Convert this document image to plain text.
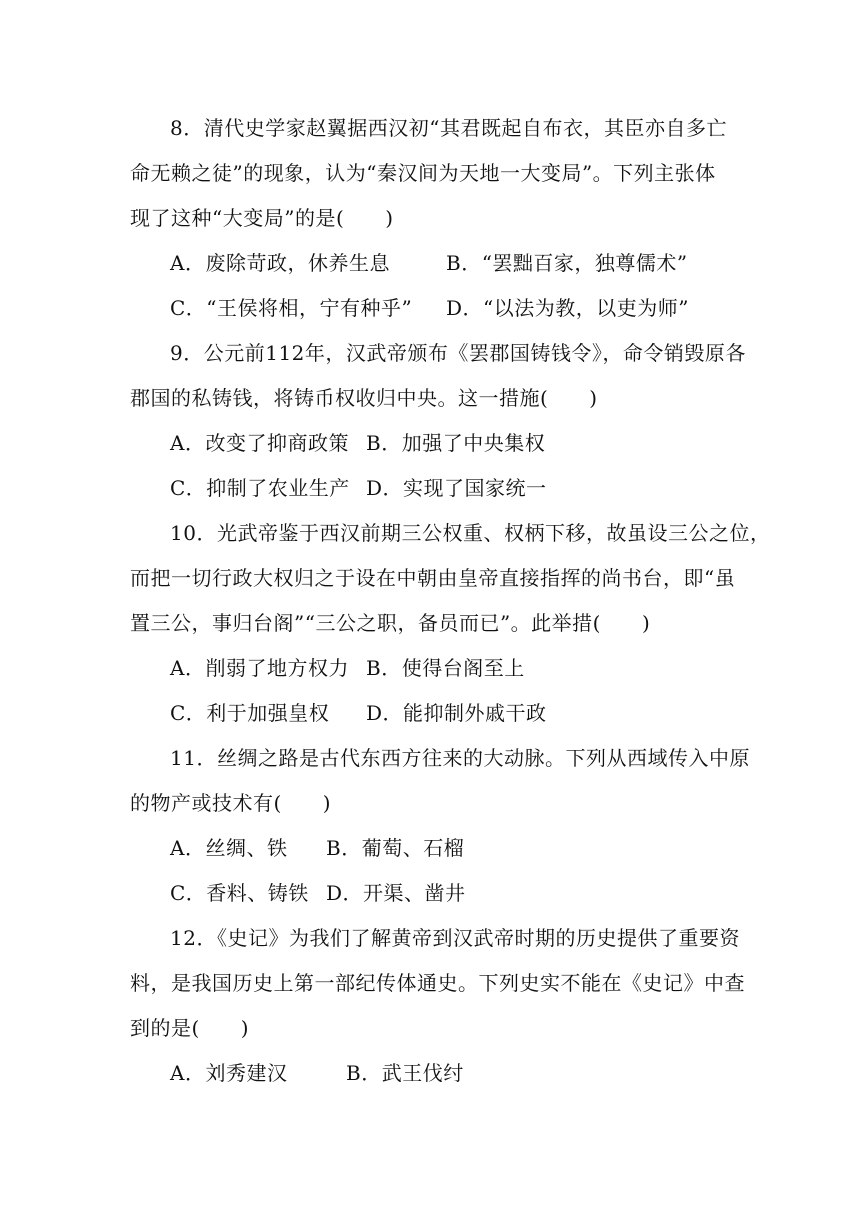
8．清代史学家赵翼据西汉初“其君既起自布衣，其臣亦自多亡
命无赖之徒”的现象，认为“秦汉间为天地一大变局”。下列主张体
现了这种“大变局”的是(　　)
A．废除苛政，休养生息	B．“罢黜百家，独尊儒术”
C．“王侯将相，宁有种乎”	D．“以法为教，以吏为师”
9．公元前112年，汉武帝颁布《罢郡国铸钱令》，命令销毁原各
郡国的私铸钱，将铸币权收归中央。这一措施(　　)
A．改变了抑商政策 B．加强了中央集权
C．抑制了农业生产 D．实现了国家统一
10．光武帝鉴于西汉前期三公权重、权柄下移，故虽设三公之位，
而把一切行政大权归之于设在中朝由皇帝直接指挥的尚书台，即“虽
置三公，事归台阁”“三公之职，备员而已”。此举措(　　)
A．削弱了地方权力 B．使得台阁至上
C．利于加强皇权	D．能抑制外戚干政
11．丝绸之路是古代东西方往来的大动脉。下列从西域传入中原
的物产或技术有(　　)
A．丝绸、铁	B．葡萄、石榴
C．香料、铸铁 D．开渠、凿井
12．《史记》为我们了解黄帝到汉武帝时期的历史提供了重要资
料，是我国历史上第一部纪传体通史。下列史实不能在《史记》中查
到的是(　　)
A．刘秀建汉	B．武王伐纣
